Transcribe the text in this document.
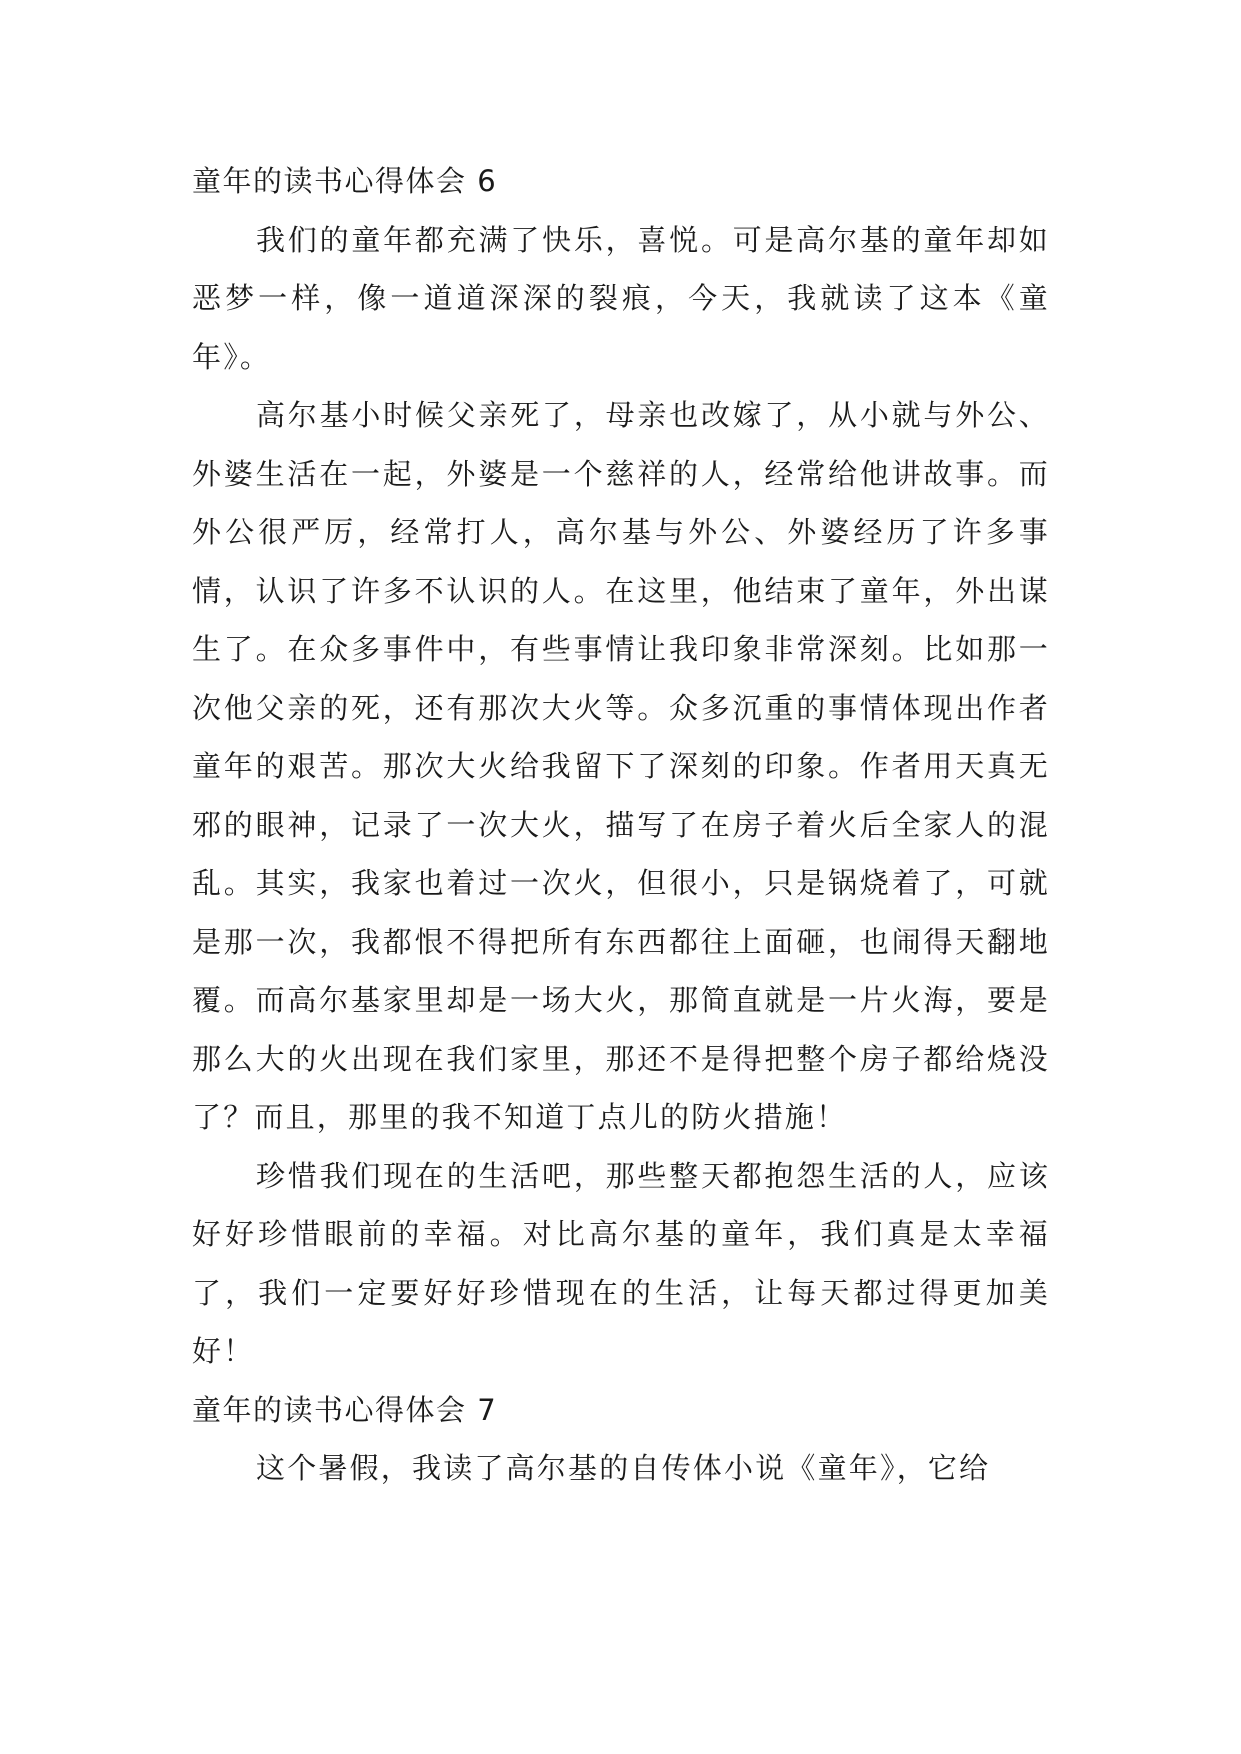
童年的读书心得体会 6

我们的童年都充满了快乐，喜悦。可是高尔基的童年却如恶梦一样，像一道道深深的裂痕，今天，我就读了这本《童年》。

高尔基小时候父亲死了，母亲也改嫁了，从小就与外公、外婆生活在一起，外婆是一个慈祥的人，经常给他讲故事。而外公很严厉，经常打人，高尔基与外公、外婆经历了许多事情，认识了许多不认识的人。在这里，他结束了童年，外出谋生了。在众多事件中，有些事情让我印象非常深刻。比如那一次他父亲的死，还有那次大火等。众多沉重的事情体现出作者童年的艰苦。那次大火给我留下了深刻的印象。作者用天真无邪的眼神，记录了一次大火，描写了在房子着火后全家人的混乱。其实，我家也着过一次火，但很小，只是锅烧着了，可就是那一次，我都恨不得把所有东西都往上面砸，也闹得天翻地覆。而高尔基家里却是一场大火，那简直就是一片火海，要是那么大的火出现在我们家里，那还不是得把整个房子都给烧没了？而且，那里的我不知道丁点儿的防火措施！

珍惜我们现在的生活吧，那些整天都抱怨生活的人，应该好好珍惜眼前的幸福。对比高尔基的童年，我们真是太幸福了，我们一定要好好珍惜现在的生活，让每天都过得更加美好！

童年的读书心得体会 7

这个暑假，我读了高尔基的自传体小说《童年》，它给
